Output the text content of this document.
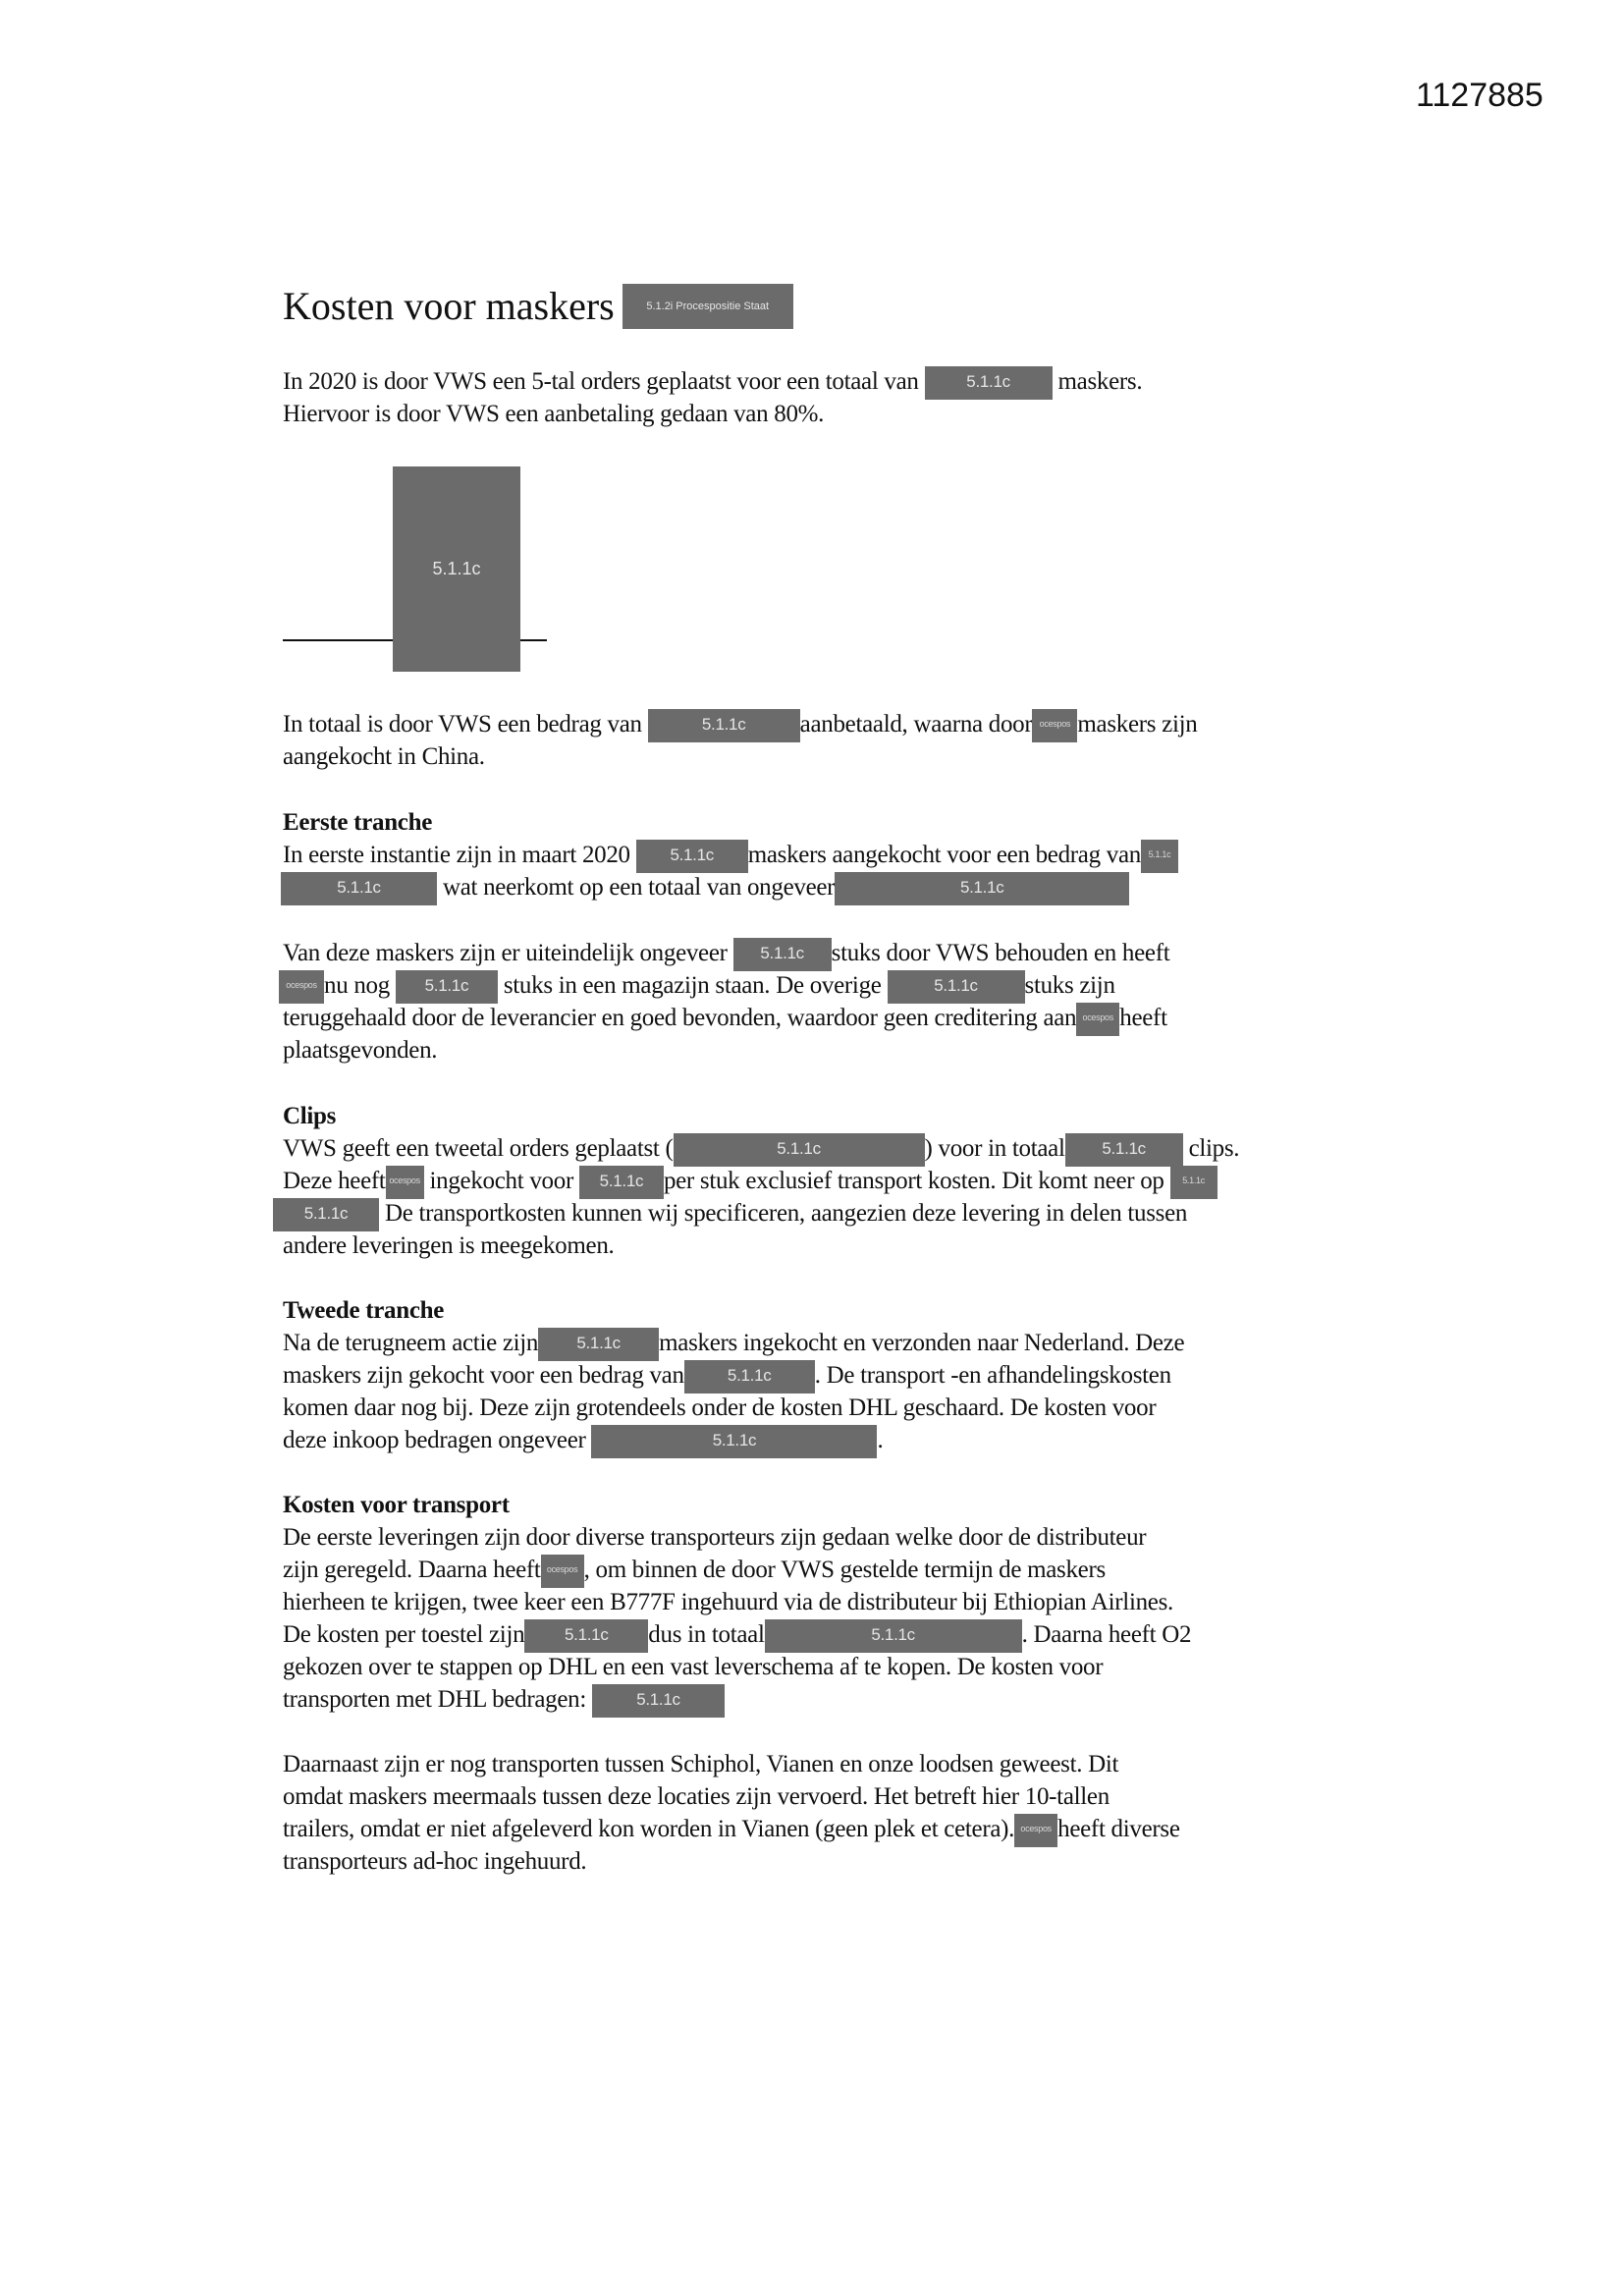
1127885
Kosten voor maskers	5.1.2i Procespositie Staat
In 2020 is door VWS een 5-tal orders geplaatst voor een totaal van	5.1.1c maskers.
Hiervoor is door VWS een aanbetaling gedaan van 80%.
5.1.1c
In totaal is door VWS een bedrag van	5.1.1c aanbetaald, waarna door ocespos maskers zijn
aangekocht in China.
Eerste tranche
In eerste instantie zijn in maart 2020 5.1.1c maskers aangekocht voor een bedrag van 5.1.1c
5.1.1c	wat neerkomt op een totaal van ongeveer	5.1.1c
Van deze maskers zijn er uiteindelijk ongeveer 5.1.1c stuks door VWS behouden en heeft
ocespos nu nog 5.1.1c stuks in een magazijn staan. De overige	5.1.1c stuks zijn
teruggehaald door de leverancier en goed bevonden, waardoor geen creditering aan ocespos heeft
plaatsgevonden.
Clips
VWS geeft een tweetal orders geplaatst (	5.1.1c	) voor in totaal 5.1.1c clips.
Deze heeft ocespos ingekocht voor 5.1.1c per stuk exclusief transport kosten. Dit komt neer op 5.1.1c
5.1.1c De transportkosten kunnen wij specificeren, aangezien deze levering in delen tussen
andere leveringen is meegekomen.
Tweede tranche
Na de terugneem actie zijn 5.1.1c maskers ingekocht en verzonden naar Nederland. Deze
maskers zijn gekocht voor een bedrag van	5.1.1c . De transport -en afhandelingskosten
komen daar nog bij. Deze zijn grotendeels onder de kosten DHL geschaard. De kosten voor
deze inkoop bedragen ongeveer	5.1.1c	.
Kosten voor transport
De eerste leveringen zijn door diverse transporteurs zijn gedaan welke door de distributeur
zijn geregeld. Daarna heeft ocespos , om binnen de door VWS gestelde termijn de maskers
hierheen te krijgen, twee keer een B777F ingehuurd via de distributeur bij Ethiopian Airlines.
De kosten per toestel zijn 5.1.1c dus in totaal	5.1.1c	. Daarna heeft O2
gekozen over te stappen op DHL en een vast leverschema af te kopen. De kosten voor
transporten met DHL bedragen:	5.1.1c
Daarnaast zijn er nog transporten tussen Schiphol, Vianen en onze loodsen geweest. Dit
omdat maskers meermaals tussen deze locaties zijn vervoerd. Het betreft hier 10-tallen
trailers, omdat er niet afgeleverd kon worden in Vianen (geen plek et cetera). ocespos heeft diverse
transporteurs ad-hoc ingehuurd.
